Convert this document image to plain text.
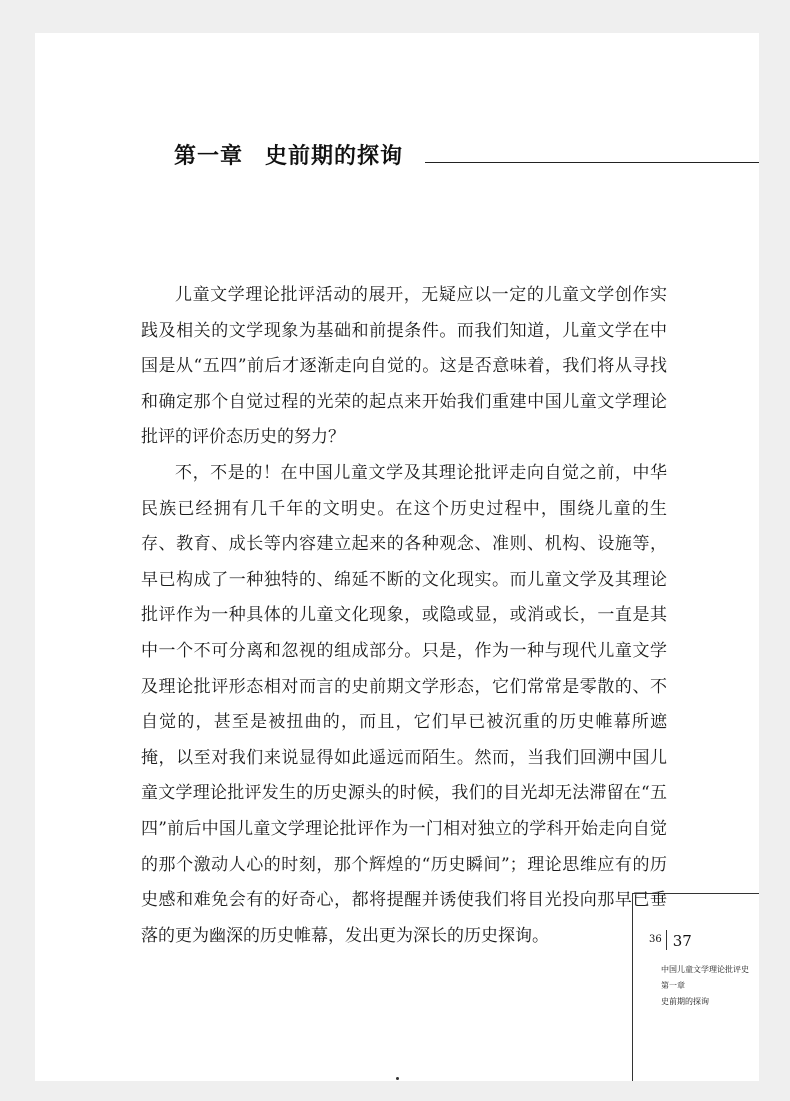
第一章 史前期的探询

儿童文学理论批评活动的展开，无疑应以一定的儿童文学创作实践及相关的文学现象为基础和前提条件。而我们知道，儿童文学在中国是从“五四”前后才逐渐走向自觉的。这是否意味着，我们将从寻找和确定那个自觉过程的光荣的起点来开始我们重建中国儿童文学理论批评的评价态历史的努力？

不，不是的！在中国儿童文学及其理论批评走向自觉之前，中华民族已经拥有几千年的文明史。在这个历史过程中，围绕儿童的生存、教育、成长等内容建立起来的各种观念、准则、机构、设施等，早已构成了一种独特的、绵延不断的文化现实。而儿童文学及其理论批评作为一种具体的儿童文化现象，或隐或显，或消或长，一直是其中一个不可分离和忽视的组成部分。只是，作为一种与现代儿童文学及理论批评形态相对而言的史前期文学形态，它们常常是零散的、不自觉的，甚至是被扭曲的，而且，它们早已被沉重的历史帷幕所遮掩，以至对我们来说显得如此遥远而陌生。然而，当我们回溯中国儿童文学理论批评发生的历史源头的时候，我们的目光却无法滞留在“五四”前后中国儿童文学理论批评作为一门相对独立的学科开始走向自觉的那个激动人心的时刻，那个辉煌的“历史瞬间”；理论思维应有的历史感和难免会有的好奇心，都将提醒并诱使我们将目光投向那早已垂落的更为幽深的历史帷幕，发出更为深长的历史探询。	$^{36}$ 37
中国儿童文学理论批评史
第一章
史前期的探询
